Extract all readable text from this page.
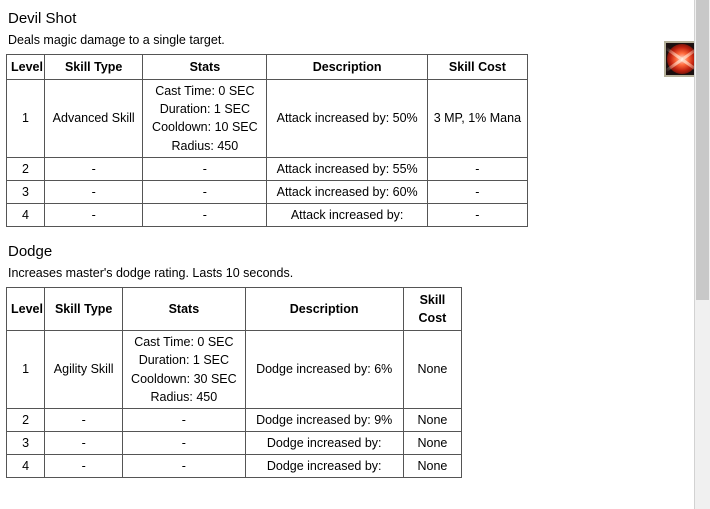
Devil Shot

Deals magic damage to a single target.

Level	Skill Type	Stats	Description	Skill Cost
1	Advanced Skill	Cast Time: 0 SEC
Duration: 1 SEC
Cooldown: 10 SEC
Radius: 450	Attack increased by: 50%	3 MP, 1% Mana
2	-	-	Attack increased by: 55%	-
3	-	-	Attack increased by: 60%	-
4	-	-	Attack increased by:	-
Dodge

Increases master's dodge rating. Lasts 10 seconds.

Level	Skill Type	Stats	Description	Skill Cost
1	Agility Skill	Cast Time: 0 SEC
Duration: 1 SEC
Cooldown: 30 SEC
Radius: 450	Dodge increased by: 6%	None
2	-	-	Dodge increased by: 9%	None
3	-	-	Dodge increased by:	None
4	-	-	Dodge increased by:	None
